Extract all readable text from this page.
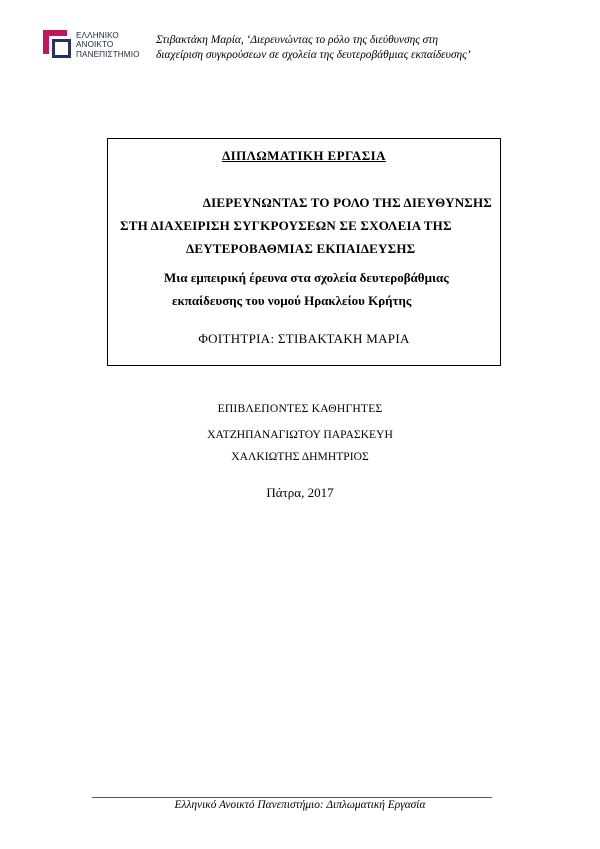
ΕΛΛΗΝΙΚΟ
ΑΝΟΙΚΤΟ
ΠΑΝΕΠΙΣΤΗΜΙΟ
Στιβακτάκη Μαρία, ‘Διερευνώντας το ρόλο της διεύθυνσης στη
διαχείριση συγκρούσεων σε σχολεία της δευτεροβάθμιας εκπαίδευσης’
ΔΙΠΛΩΜΑΤΙΚΗ ΕΡΓΑΣΙΑ
ΔΙΕΡΕΥΝΩΝΤΑΣ ΤΟ ΡΟΛΟ ΤΗΣ ΔΙΕΥΘΥΝΣΗΣ
ΣΤΗ ΔΙΑΧΕΙΡΙΣΗ ΣΥΓΚΡΟΥΣΕΩΝ ΣΕ ΣΧΟΛΕΙΑ ΤΗΣ
ΔΕΥΤΕΡΟΒΑΘΜΙΑΣ ΕΚΠΑΙΔΕΥΣΗΣ
Μια εμπειρική έρευνα στα σχολεία δευτεροβάθμιας
εκπαίδευσης του νομού Ηρακλείου Κρήτης
ΦΟΙΤΗΤΡΙΑ: ΣΤΙΒΑΚΤΑΚΗ ΜΑΡΙΑ
ΕΠΙΒΛΕΠΟΝΤΕΣ ΚΑΘΗΓΗΤΕΣ
ΧΑΤΖΗΠΑΝΑΓΙΩΤΟΥ ΠΑΡΑΣΚΕΥΗ
ΧΑΛΚΙΩΤΗΣ ΔΗΜΗΤΡΙΟΣ
Πάτρα, 2017
Ελληνικό Ανοικτό Πανεπιστήμιο: Διπλωματική Εργασία
